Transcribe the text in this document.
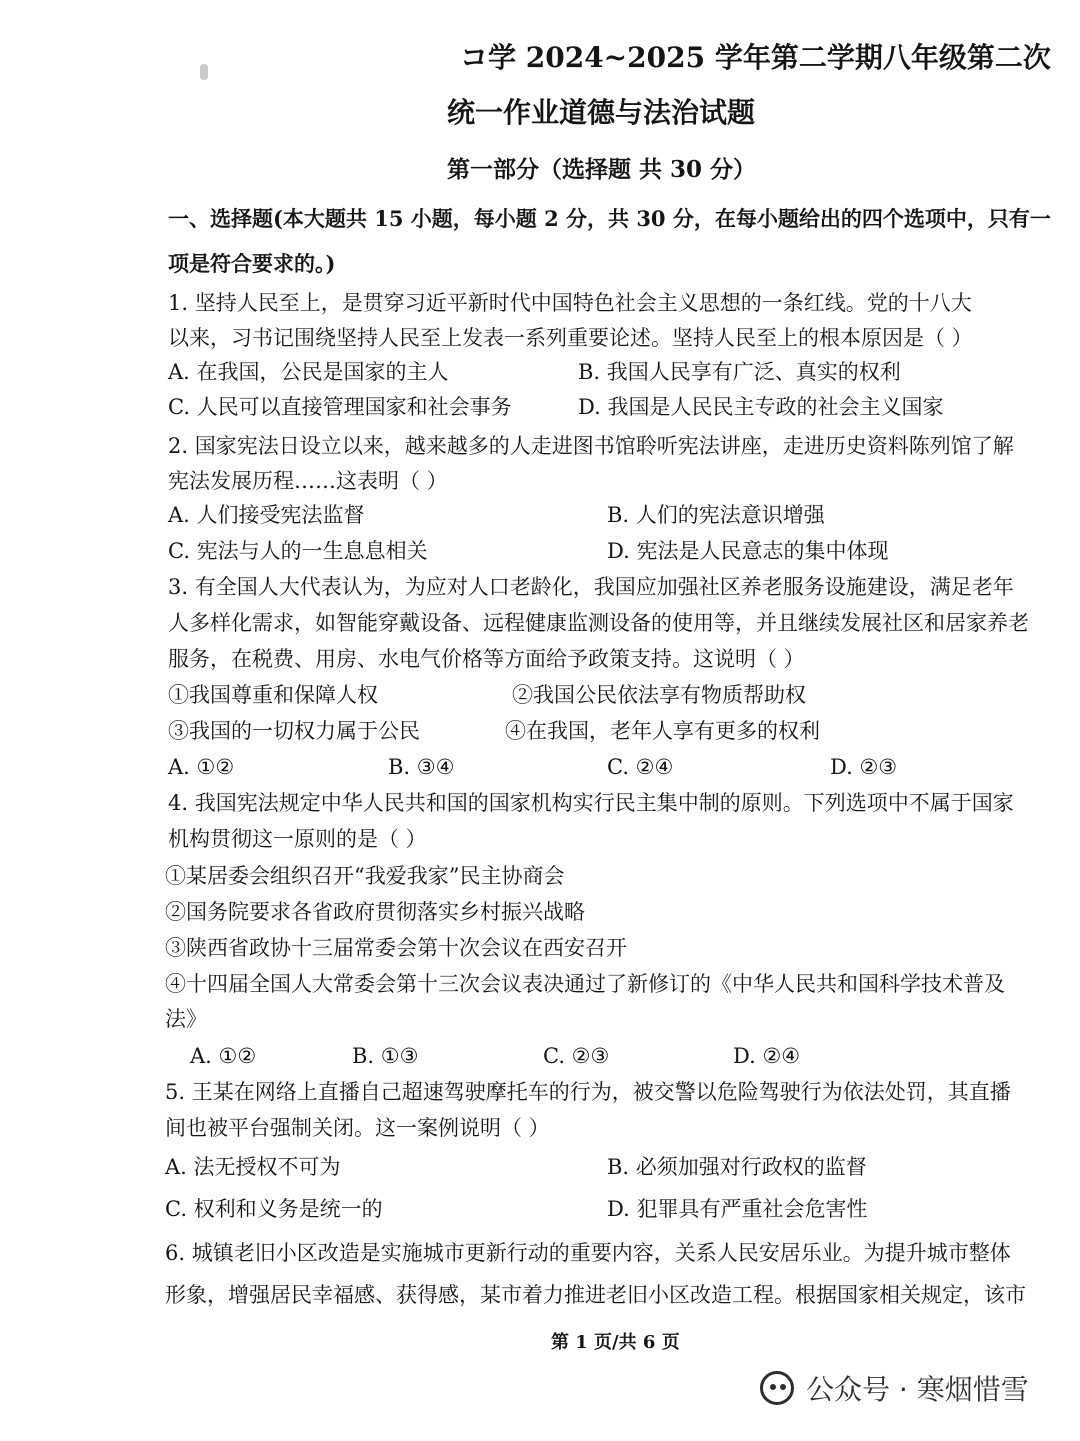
コ学 2024~2025 学年第二学期八年级第二次
统一作业道德与法治试题
第一部分（选择题 共 30 分）
一、选择题(本大题共 15 小题，每小题 2 分，共 30 分，在每小题给出的四个选项中，只有一
项是符合要求的。)
1. 坚持人民至上，是贯穿习近平新时代中国特色社会主义思想的一条红线。党的十八大
以来，习书记围绕坚持人民至上发表一系列重要论述。坚持人民至上的根本原因是（ ）
A. 在我国，公民是国家的主人	B. 我国人民享有广泛、真实的权利
C. 人民可以直接管理国家和社会事务	D. 我国是人民民主专政的社会主义国家
2. 国家宪法日设立以来，越来越多的人走进图书馆聆听宪法讲座，走进历史资料陈列馆了解
宪法发展历程……这表明（ ）
A. 人们接受宪法监督	B. 人们的宪法意识增强
C. 宪法与人的一生息息相关	D. 宪法是人民意志的集中体现
3. 有全国人大代表认为，为应对人口老龄化，我国应加强社区养老服务设施建设，满足老年
人多样化需求，如智能穿戴设备、远程健康监测设备的使用等，并且继续发展社区和居家养老
服务，在税费、用房、水电气价格等方面给予政策支持。这说明（ ）
①我国尊重和保障人权	②我国公民依法享有物质帮助权
③我国的一切权力属于公民	④在我国，老年人享有更多的权利
A. ①②	B. ③④	C. ②④	D. ②③
4. 我国宪法规定中华人民共和国的国家机构实行民主集中制的原则。下列选项中不属于国家
机构贯彻这一原则的是（ ）
①某居委会组织召开“我爱我家”民主协商会
②国务院要求各省政府贯彻落实乡村振兴战略
③陕西省政协十三届常委会第十次会议在西安召开
④十四届全国人大常委会第十三次会议表决通过了新修订的《中华人民共和国科学技术普及
法》
A. ①②	B. ①③	C. ②③	D. ②④
5. 王某在网络上直播自己超速驾驶摩托车的行为，被交警以危险驾驶行为依法处罚，其直播
间也被平台强制关闭。这一案例说明（ ）
A. 法无授权不可为	B. 必须加强对行政权的监督
C. 权利和义务是统一的	D. 犯罪具有严重社会危害性
6. 城镇老旧小区改造是实施城市更新行动的重要内容，关系人民安居乐业。为提升城市整体
形象，增强居民幸福感、获得感，某市着力推进老旧小区改造工程。根据国家相关规定，该市
第 1 页/共 6 页
公众号 · 寒烟惜雪
